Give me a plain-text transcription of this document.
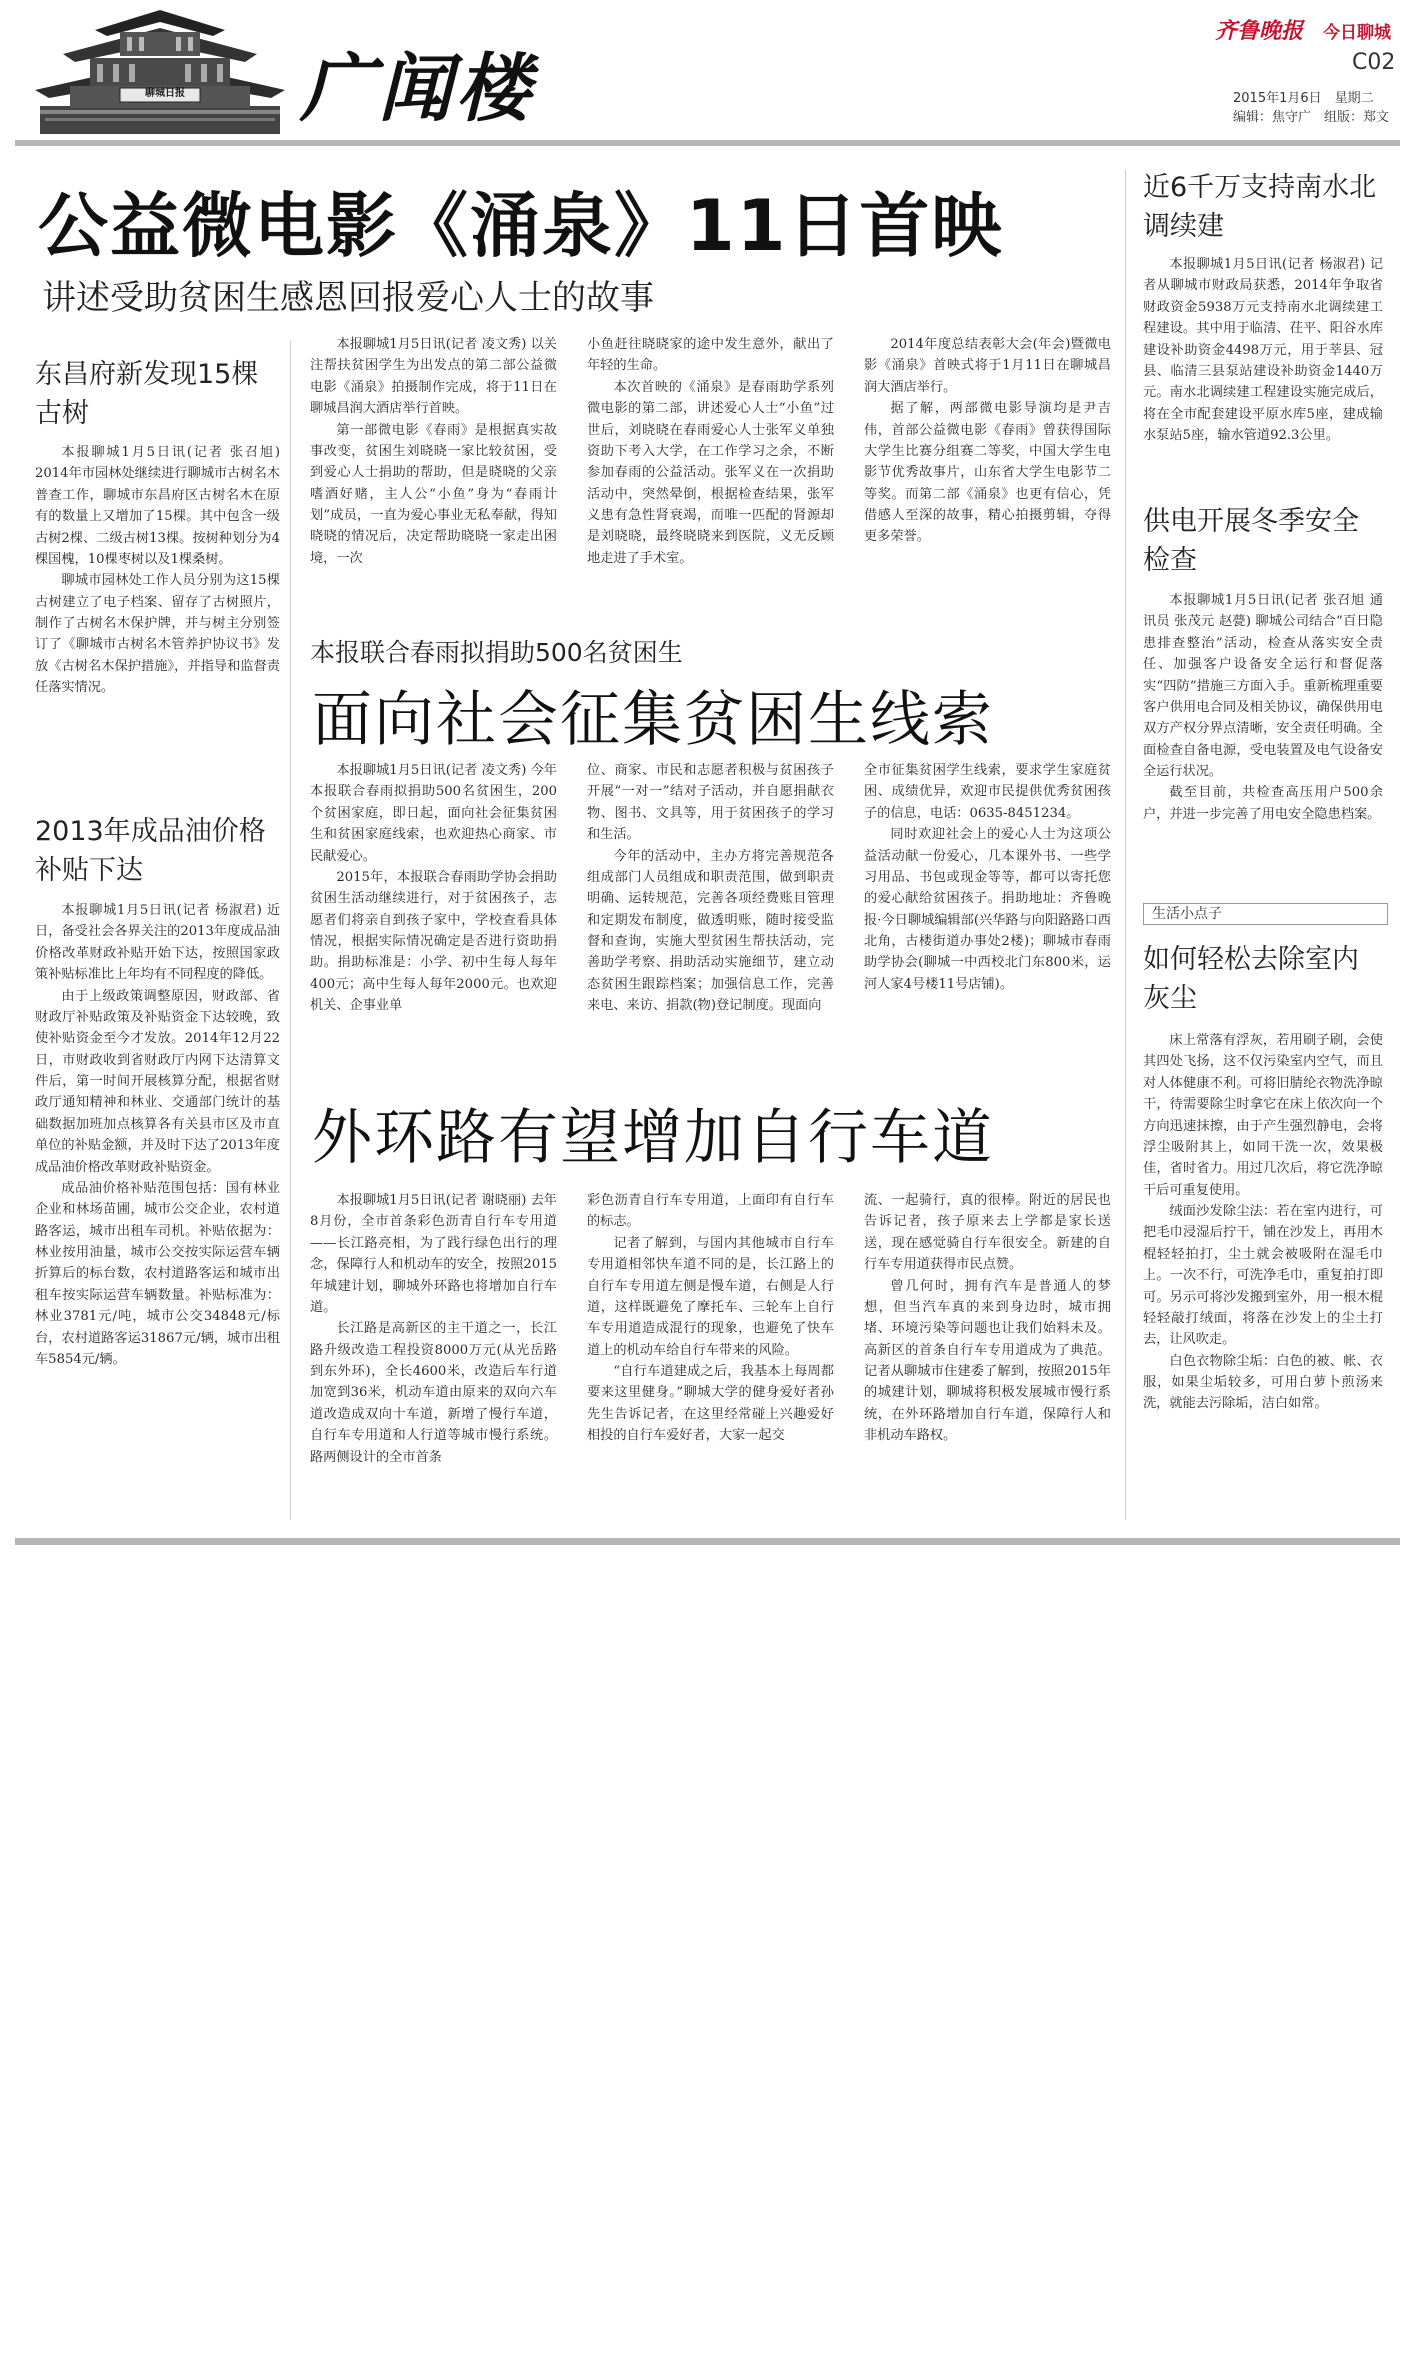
聊城日报 广闻楼
齐鲁晚报 今日聊城
C02
2015年1月6日　星期二
编辑：焦守广　组版：郑文
公益微电影《涌泉》11日首映
讲述受助贫困生感恩回报爱心人士的故事

本报聊城1月5日讯(记者 凌文秀) 以关注帮扶贫困学生为出发点的第二部公益微电影《涌泉》拍摄制作完成，将于11日在聊城昌润大酒店举行首映。

第一部微电影《春雨》是根据真实故事改变，贫困生刘晓晓一家比较贫困，受到爱心人士捐助的帮助，但是晓晓的父亲嗜酒好赌，主人公“小鱼”身为“春雨计划”成员，一直为爱心事业无私奉献，得知晓晓的情况后，决定帮助晓晓一家走出困境，一次

小鱼赶往晓晓家的途中发生意外，献出了年轻的生命。

本次首映的《涌泉》是春雨助学系列微电影的第二部，讲述爱心人士“小鱼”过世后，刘晓晓在春雨爱心人士张军义单独资助下考入大学，在工作学习之余，不断参加春雨的公益活动。张军义在一次捐助活动中，突然晕倒，根据检查结果，张军义患有急性肾衰竭，而唯一匹配的肾源却是刘晓晓，最终晓晓来到医院，义无反顾地走进了手术室。

2014年度总结表彰大会(年会)暨微电影《涌泉》首映式将于1月11日在聊城昌润大酒店举行。

据了解，两部微电影导演均是尹吉伟，首部公益微电影《春雨》曾获得国际大学生比赛分组赛二等奖，中国大学生电影节优秀故事片，山东省大学生电影节二等奖。而第二部《涌泉》也更有信心，凭借感人至深的故事，精心拍摄剪辑，夺得更多荣誉。

本报联合春雨拟捐助500名贫困生
面向社会征集贫困生线索

本报聊城1月5日讯(记者 凌文秀) 今年本报联合春雨拟捐助500名贫困生，200个贫困家庭，即日起，面向社会征集贫困生和贫困家庭线索，也欢迎热心商家、市民献爱心。

2015年，本报联合春雨助学协会捐助贫困生活动继续进行，对于贫困孩子，志愿者们将亲自到孩子家中，学校查看具体情况，根据实际情况确定是否进行资助捐助。捐助标准是：小学、初中生每人每年400元；高中生每人每年2000元。也欢迎机关、企事业单

位、商家、市民和志愿者积极与贫困孩子开展“一对一”结对子活动，并自愿捐献衣物、图书、文具等，用于贫困孩子的学习和生活。

今年的活动中，主办方将完善规范各组成部门人员组成和职责范围，做到职责明确、运转规范，完善各项经费账目管理和定期发布制度，做透明账，随时接受监督和查询，实施大型贫困生帮扶活动，完善助学考察、捐助活动实施细节，建立动态贫困生跟踪档案；加强信息工作，完善来电、来访、捐款(物)登记制度。现面向

全市征集贫困学生线索，要求学生家庭贫困、成绩优异，欢迎市民提供优秀贫困孩子的信息，电话：0635-8451234。

同时欢迎社会上的爱心人士为这项公益活动献一份爱心，几本课外书、一些学习用品、书包或现金等等，都可以寄托您的爱心献给贫困孩子。捐助地址：齐鲁晚报·今日聊城编辑部(兴华路与向阳路路口西北角，古楼街道办事处2楼)；聊城市春雨助学协会(聊城一中西校北门东800米，运河人家4号楼11号店铺)。

外环路有望增加自行车道

本报聊城1月5日讯(记者 谢晓丽) 去年8月份，全市首条彩色沥青自行车专用道——长江路亮相，为了践行绿色出行的理念，保障行人和机动车的安全，按照2015年城建计划，聊城外环路也将增加自行车道。

长江路是高新区的主干道之一，长江路升级改造工程投资8000万元(从光岳路到东外环)，全长4600米，改造后车行道加宽到36米，机动车道由原来的双向六车道改造成双向十车道，新增了慢行车道，自行车专用道和人行道等城市慢行系统。路两侧设计的全市首条

彩色沥青自行车专用道，上面印有自行车的标志。

记者了解到，与国内其他城市自行车专用道相邻快车道不同的是，长江路上的自行车专用道左侧是慢车道，右侧是人行道，这样既避免了摩托车、三轮车上自行车专用道造成混行的现象，也避免了快车道上的机动车给自行车带来的风险。

“自行车道建成之后，我基本上每周都要来这里健身。”聊城大学的健身爱好者孙先生告诉记者，在这里经常碰上兴趣爱好相投的自行车爱好者，大家一起交

流、一起骑行，真的很棒。附近的居民也告诉记者，孩子原来去上学都是家长送送，现在感觉骑自行车很安全。新建的自行车专用道获得市民点赞。

曾几何时，拥有汽车是普通人的梦想，但当汽车真的来到身边时，城市拥堵、环境污染等问题也让我们始料未及。高新区的首条自行车专用道成为了典范。记者从聊城市住建委了解到，按照2015年的城建计划，聊城将积极发展城市慢行系统，在外环路增加自行车道，保障行人和非机动车路权。

东昌府新发现15棵古树

本报聊城1月5日讯(记者 张召旭) 2014年市园林处继续进行聊城市古树名木普查工作，聊城市东昌府区古树名木在原有的数量上又增加了15棵。其中包含一级古树2棵、二级古树13棵。按树种划分为4棵国槐，10棵枣树以及1棵桑树。

聊城市园林处工作人员分别为这15棵古树建立了电子档案、留存了古树照片，制作了古树名木保护牌，并与树主分别签订了《聊城市古树名木管养护协议书》发放《古树名木保护措施》，并指导和监督责任落实情况。

2013年成品油价格补贴下达

本报聊城1月5日讯(记者 杨淑君) 近日，备受社会各界关注的2013年度成品油价格改革财政补贴开始下达，按照国家政策补贴标准比上年均有不同程度的降低。

由于上级政策调整原因，财政部、省财政厅补贴政策及补贴资金下达较晚，致使补贴资金至今才发放。2014年12月22日，市财政收到省财政厅内网下达清算文件后，第一时间开展核算分配，根据省财政厅通知精神和林业、交通部门统计的基础数据加班加点核算各有关县市区及市直单位的补贴金额，并及时下达了2013年度成品油价格改革财政补贴资金。

成品油价格补贴范围包括：国有林业企业和林场苗圃，城市公交企业，农村道路客运，城市出租车司机。补贴依据为：林业按用油量，城市公交按实际运营车辆折算后的标台数，农村道路客运和城市出租车按实际运营车辆数量。补贴标准为：林业3781元/吨，城市公交34848元/标台，农村道路客运31867元/辆，城市出租车5854元/辆。

近6千万支持南水北调续建

本报聊城1月5日讯(记者 杨淑君) 记者从聊城市财政局获悉，2014年争取省财政资金5938万元支持南水北调续建工程建设。其中用于临清、茌平、阳谷水库建设补助资金4498万元，用于莘县、冠县、临清三县泵站建设补助资金1440万元。南水北调续建工程建设实施完成后，将在全市配套建设平原水库5座，建成输水泵站5座，输水管道92.3公里。

供电开展冬季安全检查

本报聊城1月5日讯(记者 张召旭 通讯员 张茂元 赵甍) 聊城公司结合“百日隐患排查整治”活动，检查从落实安全责任、加强客户设备安全运行和督促落实“四防”措施三方面入手。重新梳理重要客户供用电合同及相关协议，确保供用电双方产权分界点清晰，安全责任明确。全面检查自备电源，受电装置及电气设备安全运行状况。

截至目前，共检查高压用户500余户，并进一步完善了用电安全隐患档案。

生活小点子
如何轻松去除室内灰尘

床上常落有浮灰，若用刷子刷，会使其四处飞扬，这不仅污染室内空气，而且对人体健康不利。可将旧腈纶衣物洗净晾干，待需要除尘时拿它在床上依次向一个方向迅速抹擦，由于产生强烈静电，会将浮尘吸附其上，如同干洗一次，效果极佳，省时省力。用过几次后，将它洗净晾干后可重复使用。

绒面沙发除尘法：若在室内进行，可把毛巾浸湿后拧干，铺在沙发上，再用木棍轻轻拍打，尘土就会被吸附在湿毛巾上。一次不行，可洗净毛巾，重复拍打即可。另示可将沙发搬到室外，用一根木棍轻轻敲打绒面，将落在沙发上的尘土打去，让风吹走。

白色衣物除尘垢：白色的被、帐、衣服，如果尘垢较多，可用白萝卜煎汤来洗，就能去污除垢，洁白如常。
